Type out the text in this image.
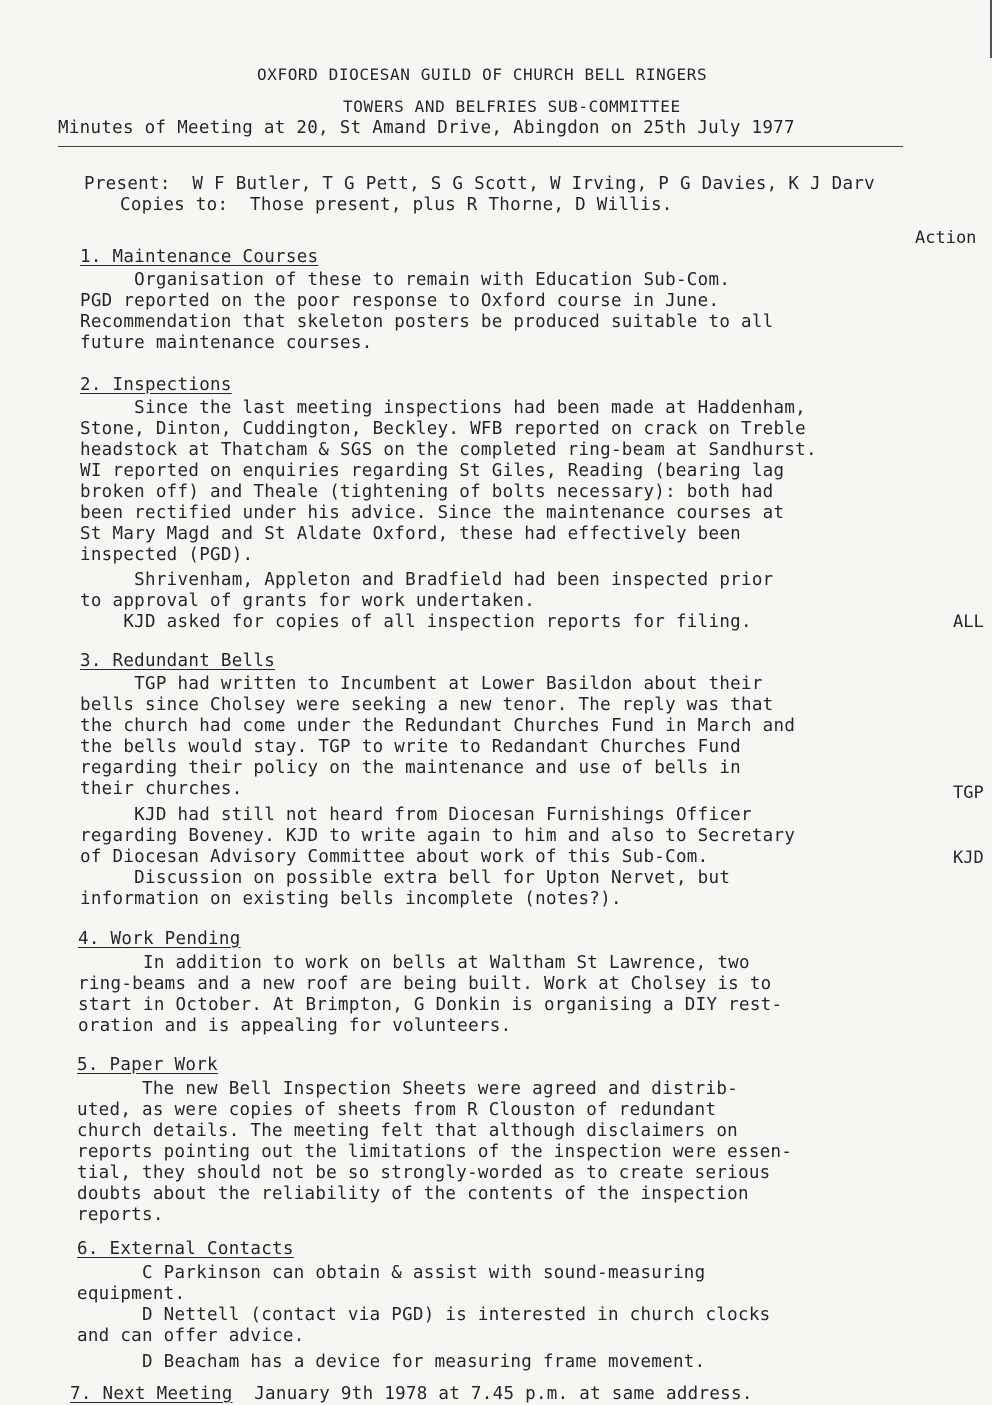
OXFORD DIOCESAN GUILD OF CHURCH BELL RINGERS
TOWERS AND BELFRIES SUB-COMMITTEE
Minutes of Meeting at 20, St Amand Drive, Abingdon on 25th July 1977
Present:  W F Butler, T G Pett, S G Scott, W Irving, P G Davies, K J Darv
Copies to:  Those present, plus R Thorne, D Willis.
Action
1. Maintenance Courses
Organisation of these to remain with Education Sub-Com.
PGD reported on the poor response to Oxford course in June.
Recommendation that skeleton posters be produced suitable to all
future maintenance courses.
2. Inspections
Since the last meeting inspections had been made at Haddenham,
Stone, Dinton, Cuddington, Beckley. WFB reported on crack on Treble
headstock at Thatcham & SGS on the completed ring-beam at Sandhurst.
WI reported on enquiries regarding St Giles, Reading (bearing lag
broken off) and Theale (tightening of bolts necessary): both had
been rectified under his advice. Since the maintenance courses at
St Mary Magd and St Aldate Oxford, these had effectively been
inspected (PGD).
Shrivenham, Appleton and Bradfield had been inspected prior
to approval of grants for work undertaken.
KJD asked for copies of all inspection reports for filing.	ALL
3. Redundant Bells
TGP had written to Incumbent at Lower Basildon about their
bells since Cholsey were seeking a new tenor. The reply was that
the church had come under the Redundant Churches Fund in March and
the bells would stay. TGP to write to Redandant Churches Fund
regarding their policy on the maintenance and use of bells in
their churches.	TGP
KJD had still not heard from Diocesan Furnishings Officer
regarding Boveney. KJD to write again to him and also to Secretary
of Diocesan Advisory Committee about work of this Sub-Com.	KJD
Discussion on possible extra bell for Upton Nervet, but
information on existing bells incomplete (notes?).
4. Work Pending
In addition to work on bells at Waltham St Lawrence, two
ring-beams and a new roof are being built. Work at Cholsey is to
start in October. At Brimpton, G Donkin is organising a DIY rest-
oration and is appealing for volunteers.
5. Paper Work
The new Bell Inspection Sheets were agreed and distrib-
uted, as were copies of sheets from R Clouston of redundant
church details. The meeting felt that although disclaimers on
reports pointing out the limitations of the inspection were essen-
tial, they should not be so strongly-worded as to create serious
doubts about the reliability of the contents of the inspection
reports.
6. External Contacts
C Parkinson can obtain & assist with sound-measuring
equipment.
D Nettell (contact via PGD) is interested in church clocks
and can offer advice.
D Beacham has a device for measuring frame movement.
7. Next Meeting  January 9th 1978 at 7.45 p.m. at same address.
